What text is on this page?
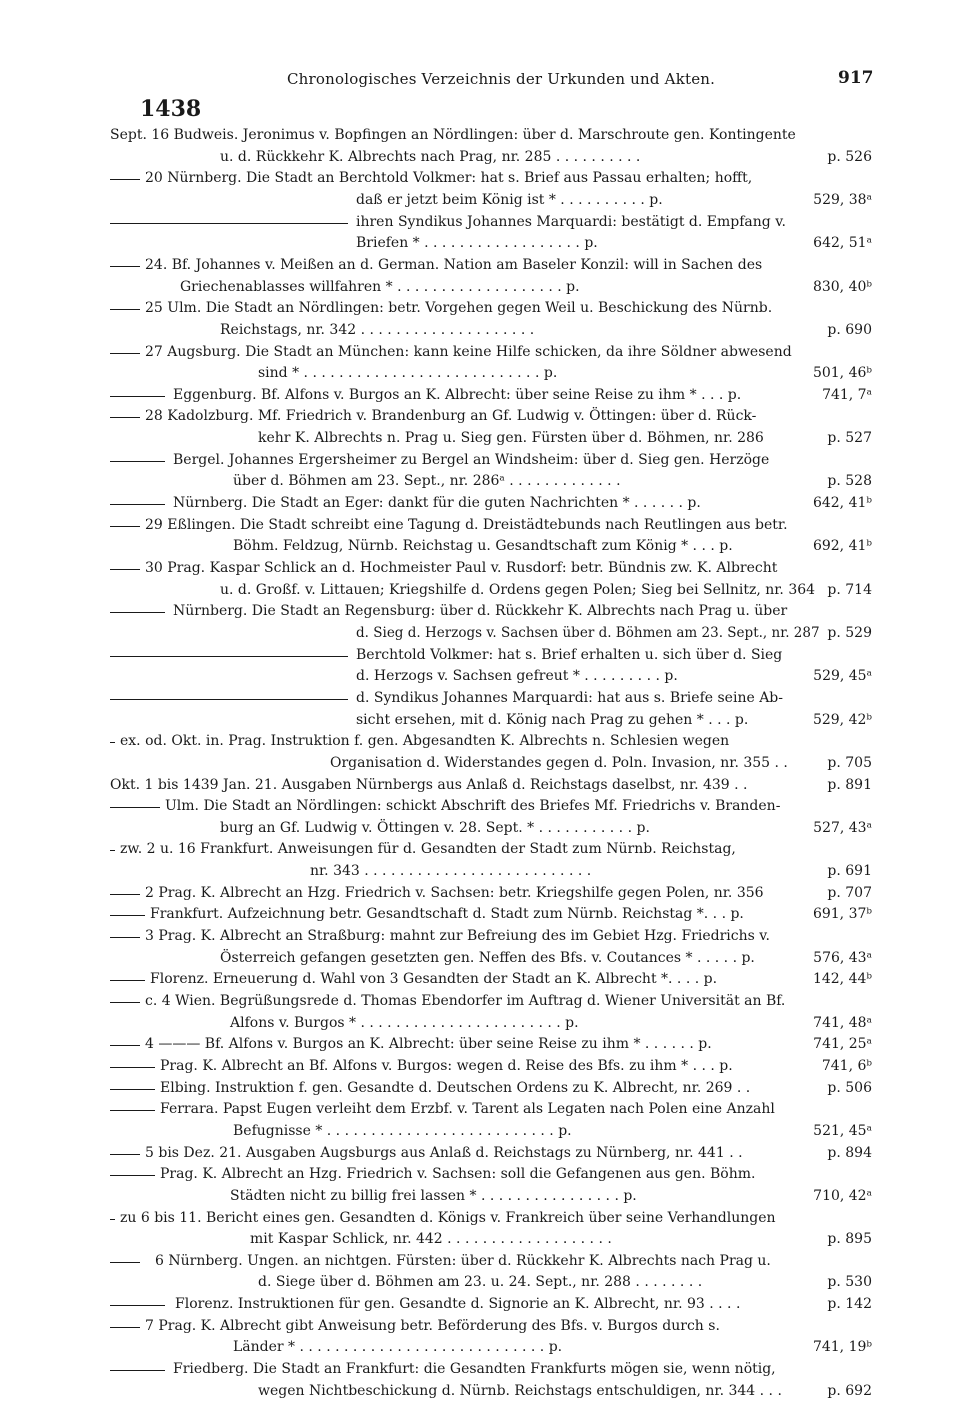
Chronologisches Verzeichnis der Urkunden und Akten.	917
1438
Sept. 16 Budweis. Jeronimus v. Bopfingen an Nördlingen: über d. Marschroute gen. Kontingente
u. d. Rückkehr K. Albrechts nach Prag, nr. 285 . . . . . . . . . .	p. 526
20 Nürnberg. Die Stadt an Berchtold Volkmer: hat s. Brief aus Passau erhalten; hofft,
daß er jetzt beim König ist * . . . . . . . . . . p.	529, 38ᵃ
ihren Syndikus Johannes Marquardi: bestätigt d. Empfang v.
Briefen * . . . . . . . . . . . . . . . . . . p.	642, 51ᵃ
24. Bf. Johannes v. Meißen an d. German. Nation am Baseler Konzil: will in Sachen des
Griechenablasses willfahren * . . . . . . . . . . . . . . . . . . . p.	830, 40ᵇ
25 Ulm. Die Stadt an Nördlingen: betr. Vorgehen gegen Weil u. Beschickung des Nürnb.
Reichstags, nr. 342 . . . . . . . . . . . . . . . . . . . .	p. 690
27 Augsburg. Die Stadt an München: kann keine Hilfe schicken, da ihre Söldner abwesend
sind * . . . . . . . . . . . . . . . . . . . . . . . . . . . p.	501, 46ᵇ
Eggenburg. Bf. Alfons v. Burgos an K. Albrecht: über seine Reise zu ihm * . . . p.	741, 7ᵃ
28 Kadolzburg. Mf. Friedrich v. Brandenburg an Gf. Ludwig v. Öttingen: über d. Rück-
kehr K. Albrechts n. Prag u. Sieg gen. Fürsten über d. Böhmen, nr. 286	p. 527
Bergel. Johannes Ergersheimer zu Bergel an Windsheim: über d. Sieg gen. Herzöge
über d. Böhmen am 23. Sept., nr. 286ᵃ . . . . . . . . . . . . .	p. 528
Nürnberg. Die Stadt an Eger: dankt für die guten Nachrichten * . . . . . . p.	642, 41ᵇ
29 Eßlingen. Die Stadt schreibt eine Tagung d. Dreistädtebunds nach Reutlingen aus betr.
Böhm. Feldzug, Nürnb. Reichstag u. Gesandtschaft zum König * . . . p.	692, 41ᵇ
30 Prag. Kaspar Schlick an d. Hochmeister Paul v. Rusdorf: betr. Bündnis zw. K. Albrecht
u. d. Großf. v. Littauen; Kriegshilfe d. Ordens gegen Polen; Sieg bei Sellnitz, nr. 364 p. 714
Nürnberg. Die Stadt an Regensburg: über d. Rückkehr K. Albrechts nach Prag u. über
d. Sieg d. Herzogs v. Sachsen über d. Böhmen am 23. Sept., nr. 287 p. 529
Berchtold Volkmer: hat s. Brief erhalten u. sich über d. Sieg
d. Herzogs v. Sachsen gefreut * . . . . . . . . . p.	529, 45ᵃ
d. Syndikus Johannes Marquardi: hat aus s. Briefe seine Ab-
sicht ersehen, mit d. König nach Prag zu gehen * . . . p.	529, 42ᵇ
ex. od. Okt. in. Prag. Instruktion f. gen. Abgesandten K. Albrechts n. Schlesien wegen
Organisation d. Widerstandes gegen d. Poln. Invasion, nr. 355 . .	p. 705
Okt. 1 bis 1439 Jan. 21. Ausgaben Nürnbergs aus Anlaß d. Reichstags daselbst, nr. 439 . .	p. 891
Ulm. Die Stadt an Nördlingen: schickt Abschrift des Briefes Mf. Friedrichs v. Branden-
burg an Gf. Ludwig v. Öttingen v. 28. Sept. * . . . . . . . . . . . p.	527, 43ᵃ
zw. 2 u. 16 Frankfurt. Anweisungen für d. Gesandten der Stadt zum Nürnb. Reichstag,
nr. 343 . . . . . . . . . . . . . . . . . . . . . . . . . .	p. 691
2 Prag. K. Albrecht an Hzg. Friedrich v. Sachsen: betr. Kriegshilfe gegen Polen, nr. 356	p. 707
Frankfurt. Aufzeichnung betr. Gesandtschaft d. Stadt zum Nürnb. Reichstag *. . . p.	691, 37ᵇ
3 Prag. K. Albrecht an Straßburg: mahnt zur Befreiung des im Gebiet Hzg. Friedrichs v.
Österreich gefangen gesetzten gen. Neffen des Bfs. v. Coutances * . . . . . p.	576, 43ᵃ
Florenz. Erneuerung d. Wahl von 3 Gesandten der Stadt an K. Albrecht *. . . . p.	142, 44ᵇ
c. 4 Wien. Begrüßungsrede d. Thomas Ebendorfer im Auftrag d. Wiener Universität an Bf.
Alfons v. Burgos * . . . . . . . . . . . . . . . . . . . . . . . p.	741, 48ᵃ
4 ——— Bf. Alfons v. Burgos an K. Albrecht: über seine Reise zu ihm * . . . . . . p.	741, 25ᵃ
Prag. K. Albrecht an Bf. Alfons v. Burgos: wegen d. Reise des Bfs. zu ihm * . . . p.	741, 6ᵇ
Elbing. Instruktion f. gen. Gesandte d. Deutschen Ordens zu K. Albrecht, nr. 269 . .	p. 506
Ferrara. Papst Eugen verleiht dem Erzbf. v. Tarent als Legaten nach Polen eine Anzahl
Befugnisse * . . . . . . . . . . . . . . . . . . . . . . . . . . p.	521, 45ᵃ
5 bis Dez. 21. Ausgaben Augsburgs aus Anlaß d. Reichstags zu Nürnberg, nr. 441 . .	p. 894
Prag. K. Albrecht an Hzg. Friedrich v. Sachsen: soll die Gefangenen aus gen. Böhm.
Städten nicht zu billig frei lassen * . . . . . . . . . . . . . . . . p.	710, 42ᵃ
zu 6 bis 11. Bericht eines gen. Gesandten d. Königs v. Frankreich über seine Verhandlungen
mit Kaspar Schlick, nr. 442 . . . . . . . . . . . . . . . . . . .	p. 895
6 Nürnberg. Ungen. an nichtgen. Fürsten: über d. Rückkehr K. Albrechts nach Prag u.
d. Siege über d. Böhmen am 23. u. 24. Sept., nr. 288 . . . . . . . .	p. 530
Florenz. Instruktionen für gen. Gesandte d. Signorie an K. Albrecht, nr. 93 . . . .	p. 142
7 Prag. K. Albrecht gibt Anweisung betr. Beförderung des Bfs. v. Burgos durch s.
Länder * . . . . . . . . . . . . . . . . . . . . . . . . . . . . p.	741, 19ᵇ
Friedberg. Die Stadt an Frankfurt: die Gesandten Frankfurts mögen sie, wenn nötig,
wegen Nichtbeschickung d. Nürnb. Reichstags entschuldigen, nr. 344 . . .	p. 692
